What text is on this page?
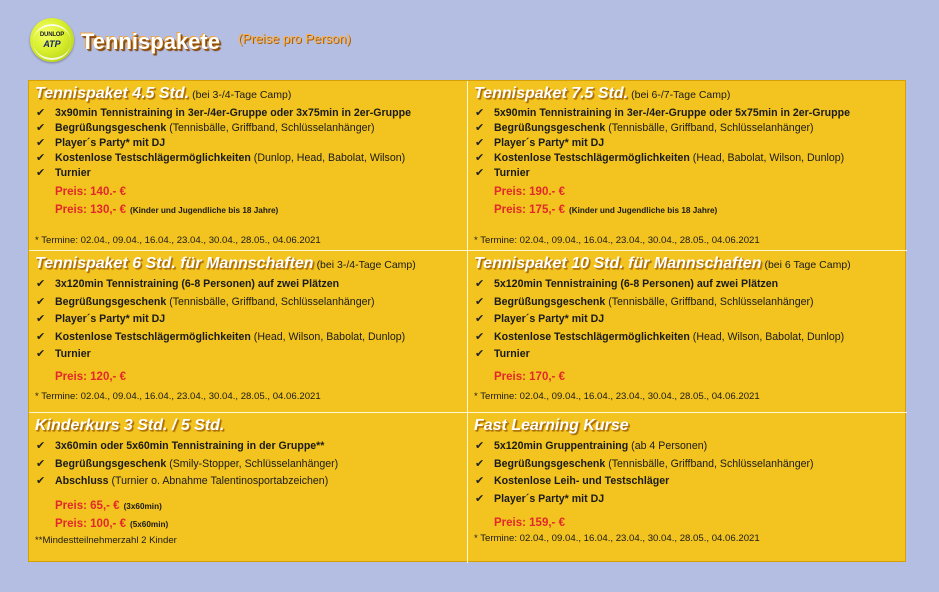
DUNLOP
ATP Tennispakete (Preise pro Person)
Tennispaket 4.5 Std. (bei 3-/4-Tage Camp)
✔ 3x90min Tennistraining in 3er-/4er-Gruppe oder 3x75min in 2er-Gruppe
✔ Begrüßungsgeschenk (Tennisbälle, Griffband, Schlüsselanhänger)
✔ Player´s Party* mit DJ
✔ Kostenlose Testschlägermöglichkeiten (Dunlop, Head, Babolat, Wilson)
✔ Turnier
Preis: 140.- €
Preis: 130,- € (Kinder und Jugendliche bis 18 Jahre)
* Termine: 02.04., 09.04., 16.04., 23.04., 30.04., 28.05., 04.06.2021
Tennispaket 7.5 Std. (bei 6-/7-Tage Camp)
✔ 5x90min Tennistraining in 3er-/4er-Gruppe oder 5x75min in 2er-Gruppe
✔ Begrüßungsgeschenk (Tennisbälle, Griffband, Schlüsselanhänger)
✔ Player´s Party* mit DJ
✔ Kostenlose Testschlägermöglichkeiten (Head, Babolat, Wilson, Dunlop)
✔ Turnier
Preis: 190.- €
Preis: 175,- € (Kinder und Jugendliche bis 18 Jahre)
* Termine: 02.04., 09.04., 16.04., 23.04., 30.04., 28.05., 04.06.2021
Tennispaket 6 Std. für Mannschaften (bei 3-/4-Tage Camp)
✔ 3x120min Tennistraining (6-8 Personen) auf zwei Plätzen
✔ Begrüßungsgeschenk (Tennisbälle, Griffband, Schlüsselanhänger)
✔ Player´s Party* mit DJ
✔ Kostenlose Testschlägermöglichkeiten (Head, Wilson, Babolat, Dunlop)
✔ Turnier
Preis: 120,- €
* Termine: 02.04., 09.04., 16.04., 23.04., 30.04., 28.05., 04.06.2021
Tennispaket 10 Std. für Mannschaften (bei 6 Tage Camp)
✔ 5x120min Tennistraining (6-8 Personen) auf zwei Plätzen
✔ Begrüßungsgeschenk (Tennisbälle, Griffband, Schlüsselanhänger)
✔ Player´s Party* mit DJ
✔ Kostenlose Testschlägermöglichkeiten (Head, Wilson, Babolat, Dunlop)
✔ Turnier
Preis: 170,- €
* Termine: 02.04., 09.04., 16.04., 23.04., 30.04., 28.05., 04.06.2021
Kinderkurs 3 Std. / 5 Std.
✔ 3x60min oder 5x60min Tennistraining in der Gruppe**
✔ Begrüßungsgeschenk (Smily-Stopper, Schlüsselanhänger)
✔ Abschluss (Turnier o. Abnahme Talentinosportabzeichen)
Preis: 65,- € (3x60min)
Preis: 100,- € (5x60min)
**Mindestteilnehmerzahl 2 Kinder
Fast Learning Kurse
✔ 5x120min Gruppentraining (ab 4 Personen)
✔ Begrüßungsgeschenk (Tennisbälle, Griffband, Schlüsselanhänger)
✔ Kostenlose Leih- und Testschläger
✔ Player´s Party* mit DJ
Preis: 159,- €
* Termine: 02.04., 09.04., 16.04., 23.04., 30.04., 28.05., 04.06.2021
